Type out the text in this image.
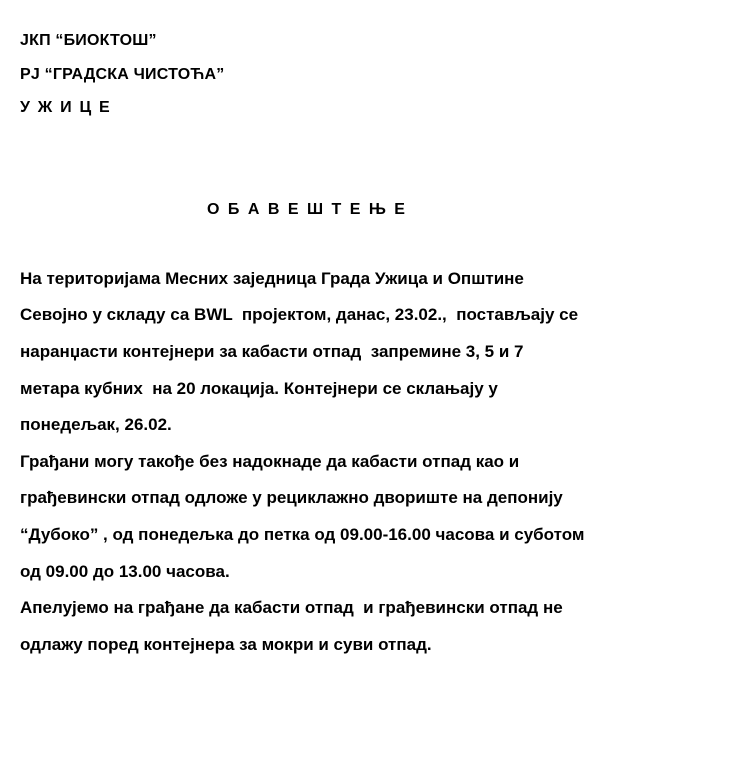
ЈКП “БИОКТОШ”
РЈ “ГРАДСКА ЧИСТОЋА”
У Ж И Ц Е
О Б А В Е Ш Т Е Њ Е
На територијама Месних заједница Града Ужица и Општине
Севојно у складу са BWL  пројектом, данас, 23.02.,  постављају се
наранџасти контејнери за кабасти отпад  запремине 3, 5 и 7
метара кубних  на 20 локација. Контејнери се склањају у
понедељак, 26.02.
Грађани могу такође без надокнаде да кабасти отпад као и
грађевински отпад одложе у рециклажно двориште на депонију
“Дубоко” , од понедељка до петка од 09.00-16.00 часова и суботом
од 09.00 до 13.00 часова.
Апелујемо на грађане да кабасти отпад  и грађевински отпад не
одлажу поред контејнера за мокри и суви отпад.
